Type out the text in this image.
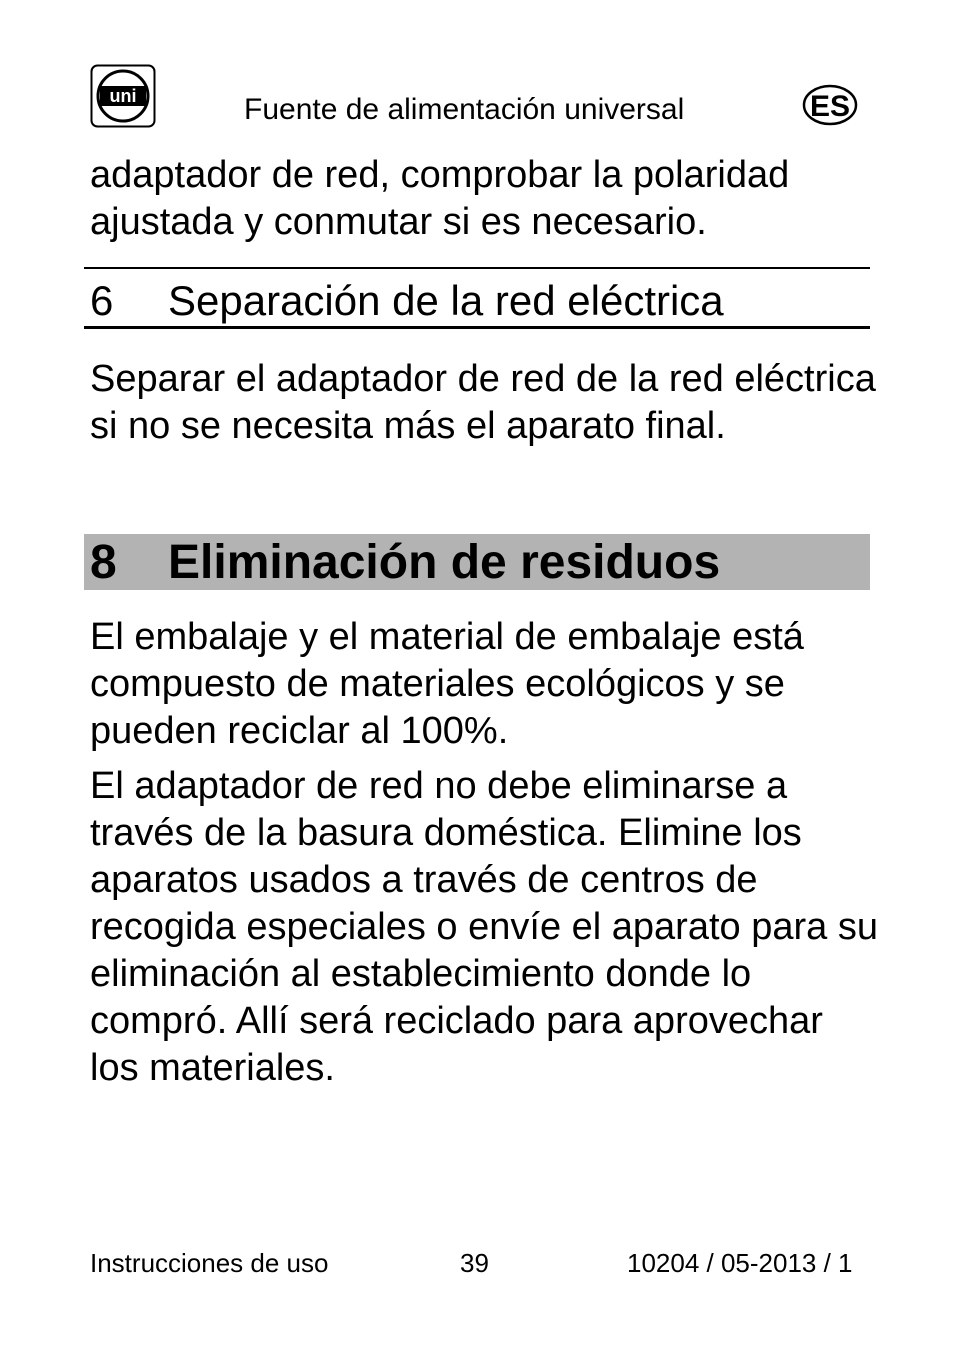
uni	Fuente de alimentación universal	ES

adaptador de red, comprobar la polaridad ajustada y conmutar si es necesario.

6 Separación de la red eléctrica

Separar el adaptador de red de la red eléctrica si no se necesita más el aparato final.

8 Eliminación de residuos

El embalaje y el material de embalaje está compuesto de materiales ecológicos y se pueden reciclar al 100%.

El adaptador de red no debe eliminarse a través de la basura doméstica. Elimine los aparatos usados a través de centros de recogida especiales o envíe el aparato para su eliminación al establecimiento donde lo compró. Allí será reciclado para aprovechar los materiales.

Instrucciones de uso	39	10204 / 05-2013 / 1
